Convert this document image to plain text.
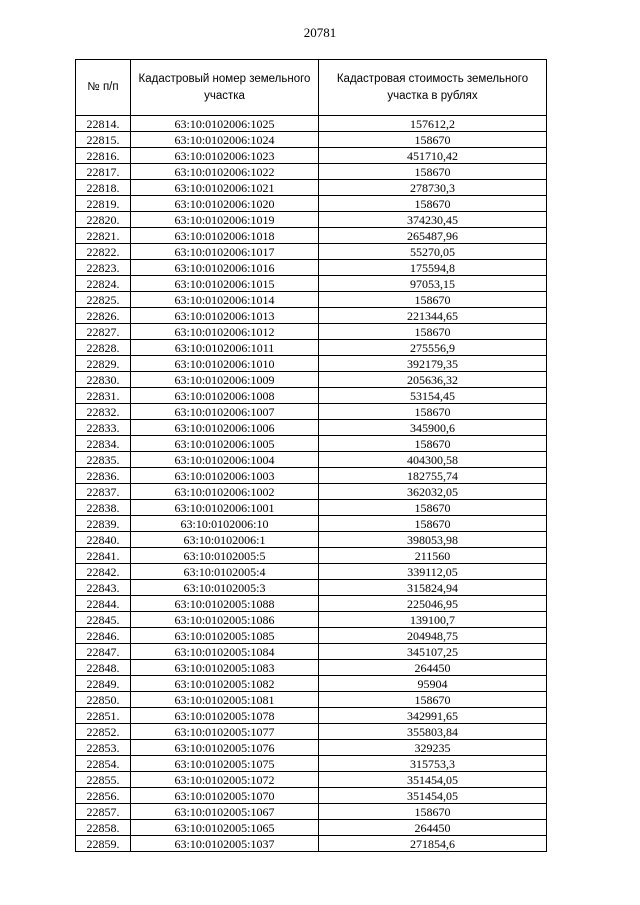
20781
№ п/п	Кадастровый номер земельного участка	Кадастровая стоимость земельного участка в рублях
22814.	63:10:0102006:1025	157612,2
22815.	63:10:0102006:1024	158670
22816.	63:10:0102006:1023	451710,42
22817.	63:10:0102006:1022	158670
22818.	63:10:0102006:1021	278730,3
22819.	63:10:0102006:1020	158670
22820.	63:10:0102006:1019	374230,45
22821.	63:10:0102006:1018	265487,96
22822.	63:10:0102006:1017	55270,05
22823.	63:10:0102006:1016	175594,8
22824.	63:10:0102006:1015	97053,15
22825.	63:10:0102006:1014	158670
22826.	63:10:0102006:1013	221344,65
22827.	63:10:0102006:1012	158670
22828.	63:10:0102006:1011	275556,9
22829.	63:10:0102006:1010	392179,35
22830.	63:10:0102006:1009	205636,32
22831.	63:10:0102006:1008	53154,45
22832.	63:10:0102006:1007	158670
22833.	63:10:0102006:1006	345900,6
22834.	63:10:0102006:1005	158670
22835.	63:10:0102006:1004	404300,58
22836.	63:10:0102006:1003	182755,74
22837.	63:10:0102006:1002	362032,05
22838.	63:10:0102006:1001	158670
22839.	63:10:0102006:10	158670
22840.	63:10:0102006:1	398053,98
22841.	63:10:0102005:5	211560
22842.	63:10:0102005:4	339112,05
22843.	63:10:0102005:3	315824,94
22844.	63:10:0102005:1088	225046,95
22845.	63:10:0102005:1086	139100,7
22846.	63:10:0102005:1085	204948,75
22847.	63:10:0102005:1084	345107,25
22848.	63:10:0102005:1083	264450
22849.	63:10:0102005:1082	95904
22850.	63:10:0102005:1081	158670
22851.	63:10:0102005:1078	342991,65
22852.	63:10:0102005:1077	355803,84
22853.	63:10:0102005:1076	329235
22854.	63:10:0102005:1075	315753,3
22855.	63:10:0102005:1072	351454,05
22856.	63:10:0102005:1070	351454,05
22857.	63:10:0102005:1067	158670
22858.	63:10:0102005:1065	264450
22859.	63:10:0102005:1037	271854,6
